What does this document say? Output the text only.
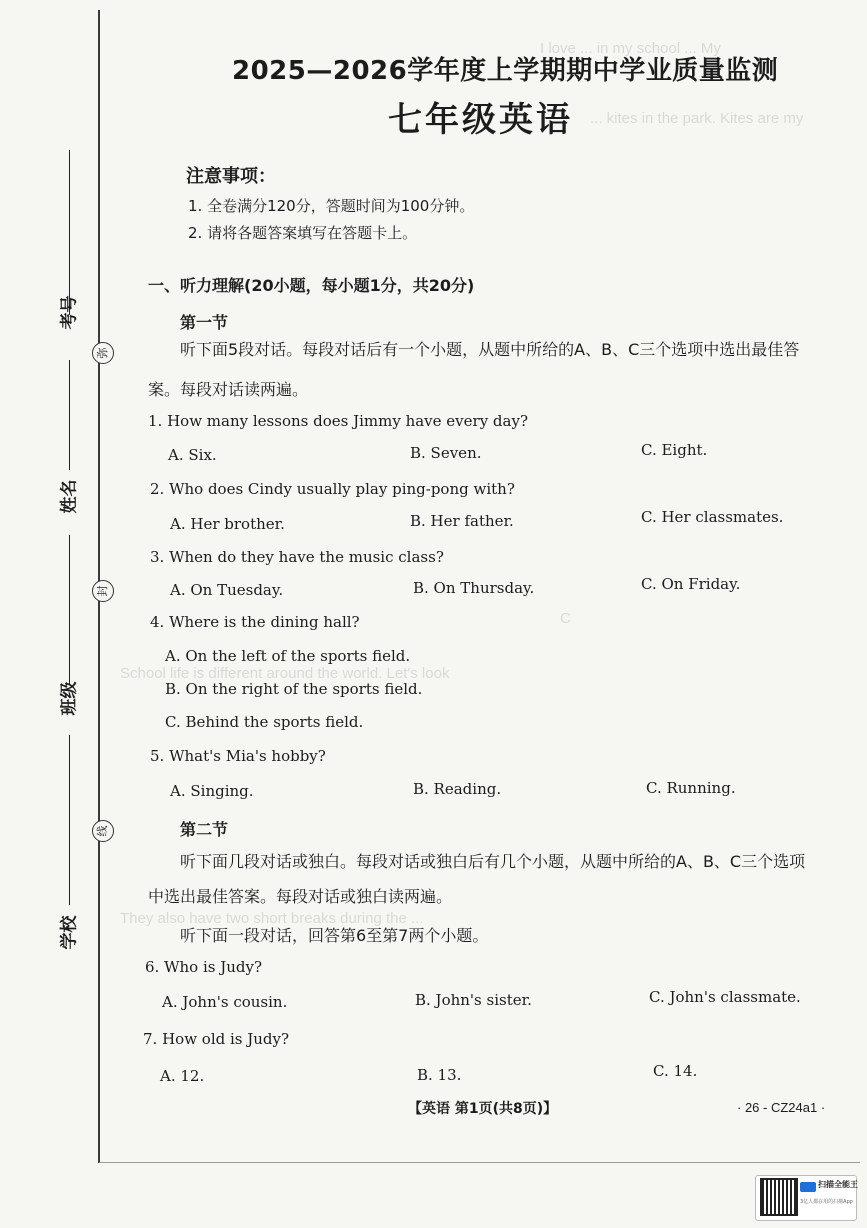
I love ... in my school ... My
... kites in the park. Kites are my
C
School life is different around the world. Let's look
They also have two short breaks during the ...
考号
弥
姓名
封
班级
线
学校
2025—2026学年度上学期期中学业质量监测
七年级英语
注意事项：
1. 全卷满分120分，答题时间为100分钟。
2. 请将各题答案填写在答题卡上。
一、听力理解(20小题，每小题1分，共20分)
第一节
听下面5段对话。每段对话后有一个小题，从题中所给的A、B、C三个选项中选出最佳答
案。每段对话读两遍。
1. How many lessons does Jimmy have every day?
A. Six.	B. Seven.	C. Eight.
2. Who does Cindy usually play ping-pong with?
A. Her brother.	B. Her father.	C. Her classmates.
3. When do they have the music class?
A. On Tuesday.	B. On Thursday.	C. On Friday.
4. Where is the dining hall?
A. On the left of the sports field.
B. On the right of the sports field.
C. Behind the sports field.
5. What's Mia's hobby?
A. Singing.	B. Reading.	C. Running.
第二节
听下面几段对话或独白。每段对话或独白后有几个小题，从题中所给的A、B、C三个选项
中选出最佳答案。每段对话或独白读两遍。
听下面一段对话，回答第6至第7两个小题。
6. Who is Judy?
A. John's cousin.	B. John's sister.	C. John's classmate.
7. How old is Judy?
A. 12.	B. 13.	C. 14.
【英语 第1页(共8页)】	· 26 - CZ24a1 ·
扫描全能王
3亿人都在用的扫描App
